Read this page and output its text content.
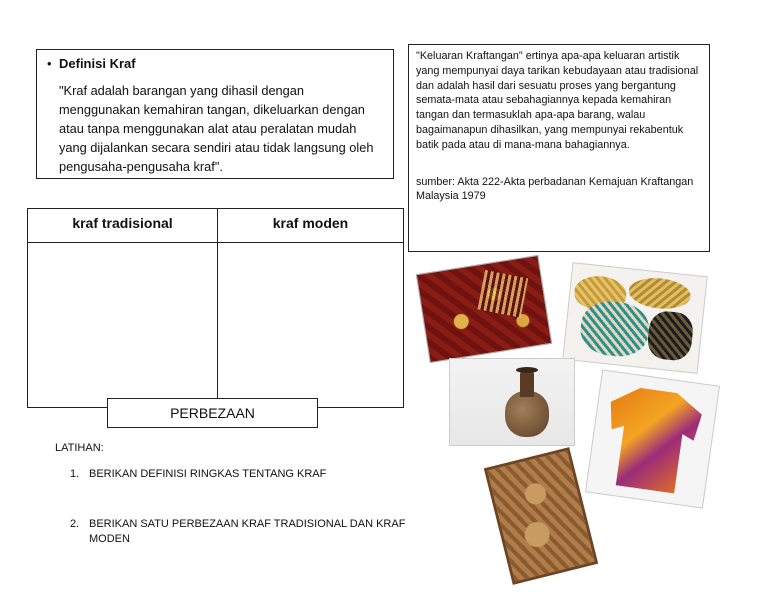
• Definisi Kraf
"Kraf adalah barangan yang dihasil dengan menggunakan kemahiran tangan, dikeluarkan dengan atau tanpa menggunakan alat atau peralatan mudah yang dijalankan secara sendiri atau tidak langsung oleh pengusaha-pengusaha kraf".
"Keluaran Kraftangan" ertinya apa-apa keluaran artistik yang mempunyai daya tarikan kebudayaan atau tradisional dan adalah hasil dari sesuatu proses yang bergantung semata-mata atau sebahagiannya kepada kemahiran tangan dan termasuklah apa-apa barang, walau bagaimanapun dihasilkan, yang mempunyai rekabentuk batik pada atau di mana-mana bahagiannya.
sumber: Akta 222-Akta perbadanan Kemajuan Kraftangan Malaysia 1979
kraf tradisional	kraf moden
PERBEZAAN
LATIHAN:
1. BERIKAN DEFINISI RINGKAS TENTANG KRAF
2. BERIKAN SATU PERBEZAAN KRAF TRADISIONAL DAN KRAF MODEN
